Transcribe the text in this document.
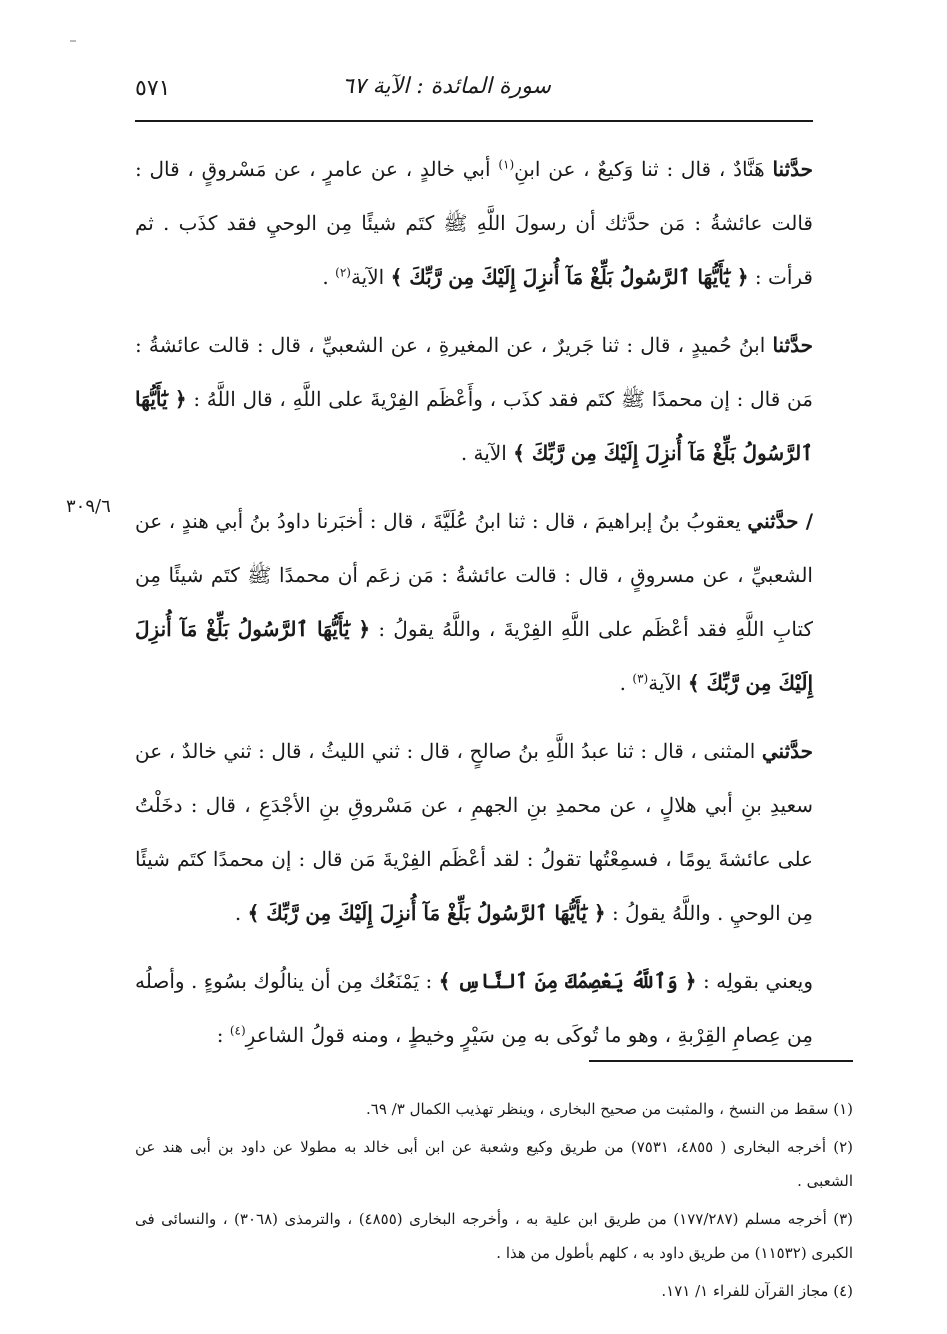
سورة المائدة : الآية ٦٧
٥٧١
٣٠٩/٦

حدَّثنا هَنَّادٌ ، قال : ثنا وَكيعٌ ، عن ابنِ$^{(١)}$ أبي خالدٍ ، عن عامرٍ ، عن مَسْروقٍ ، قال : قالت عائشةُ : مَن حدَّثك أن رسولَ اللَّهِ ﷺ كتَم شيئًا مِن الوحيِ فقد كذَب . ثم قرأت : ﴿ يَٰٓأَيُّهَا ٱلرَّسُولُ بَلِّغْ مَآ أُنزِلَ إِلَيْكَ مِن رَّبِّكَ ﴾ الآية$^{(٢)}$ .

حدَّثنا ابنُ حُميدٍ ، قال : ثنا جَريرٌ ، عن المغيرةِ ، عن الشعبيِّ ، قال : قالت عائشةُ : مَن قال : إن محمدًا ﷺ كتَم فقد كذَب ، وأَعْظَم الفِرْيةَ على اللَّهِ ، قال اللَّهُ : ﴿ يَٰٓأَيُّهَا ٱلرَّسُولُ بَلِّغْ مَآ أُنزِلَ إِلَيْكَ مِن رَّبِّكَ ﴾ الآية .

/ حدَّثني يعقوبُ بنُ إبراهيمَ ، قال : ثنا ابنُ عُلَيَّةَ ، قال : أخبَرنا داودُ بنُ أبي هندٍ ، عن الشعبيِّ ، عن مسروقٍ ، قال : قالت عائشةُ : مَن زعَم أن محمدًا ﷺ كتَم شيئًا مِن كتابِ اللَّهِ فقد أعْظَم على اللَّهِ الفِرْيةَ ، واللَّهُ يقولُ : ﴿ يَٰٓأَيُّهَا ٱلرَّسُولُ بَلِّغْ مَآ أُنزِلَ إِلَيْكَ مِن رَّبِّكَ ﴾ الآية$^{(٣)}$ .

حدَّثني المثنى ، قال : ثنا عبدُ اللَّهِ بنُ صالحٍ ، قال : ثني الليثُ ، قال : ثني خالدٌ ، عن سعيدِ بنِ أبي هلالٍ ، عن محمدِ بنِ الجهمِ ، عن مَسْروقِ بنِ الأجْدَعِ ، قال : دخَلْتُ على عائشةَ يومًا ، فسمِعْتُها تقولُ : لقد أعْظَم الفِرْيةَ مَن قال : إن محمدًا كتَم شيئًا مِن الوحيِ . واللَّهُ يقولُ : ﴿ يَٰٓأَيُّهَا ٱلرَّسُولُ بَلِّغْ مَآ أُنزِلَ إِلَيْكَ مِن رَّبِّكَ ﴾ .

ويعني بقولِه : ﴿ وَٱللَّهُ يَعْصِمُكَ مِنَ ٱلنَّاسِ ﴾ : يَمْنَعُك مِن أن ينالُوك بسُوءٍ . وأصلُه مِن عِصامِ القِرْبةِ ، وهو ما تُوكَى به مِن سَيْرٍ وخيطٍ ، ومنه قولُ الشاعرِ$^{(٤)}$ :

(١) سقط من النسخ ، والمثبت من صحيح البخارى ، وينظر تهذيب الكمال ٣/ ٦٩.

(٢) أخرجه البخارى ( ٤٨٥٥، ٧٥٣١) من طريق وكيع وشعبة عن ابن أبى خالد به مطولا عن داود بن أبى هند عن الشعبى .

(٣) أخرجه مسلم (١٧٧/٢٨٧) من طريق ابن علية به ، وأخرجه البخارى (٤٨٥٥) ، والترمذى (٣٠٦٨) ، والنسائى فى الكبرى (١١٥٣٢) من طريق داود به ، كلهم بأطول من هذا .

(٤) مجاز القرآن للفراء ١/ ١٧١.
